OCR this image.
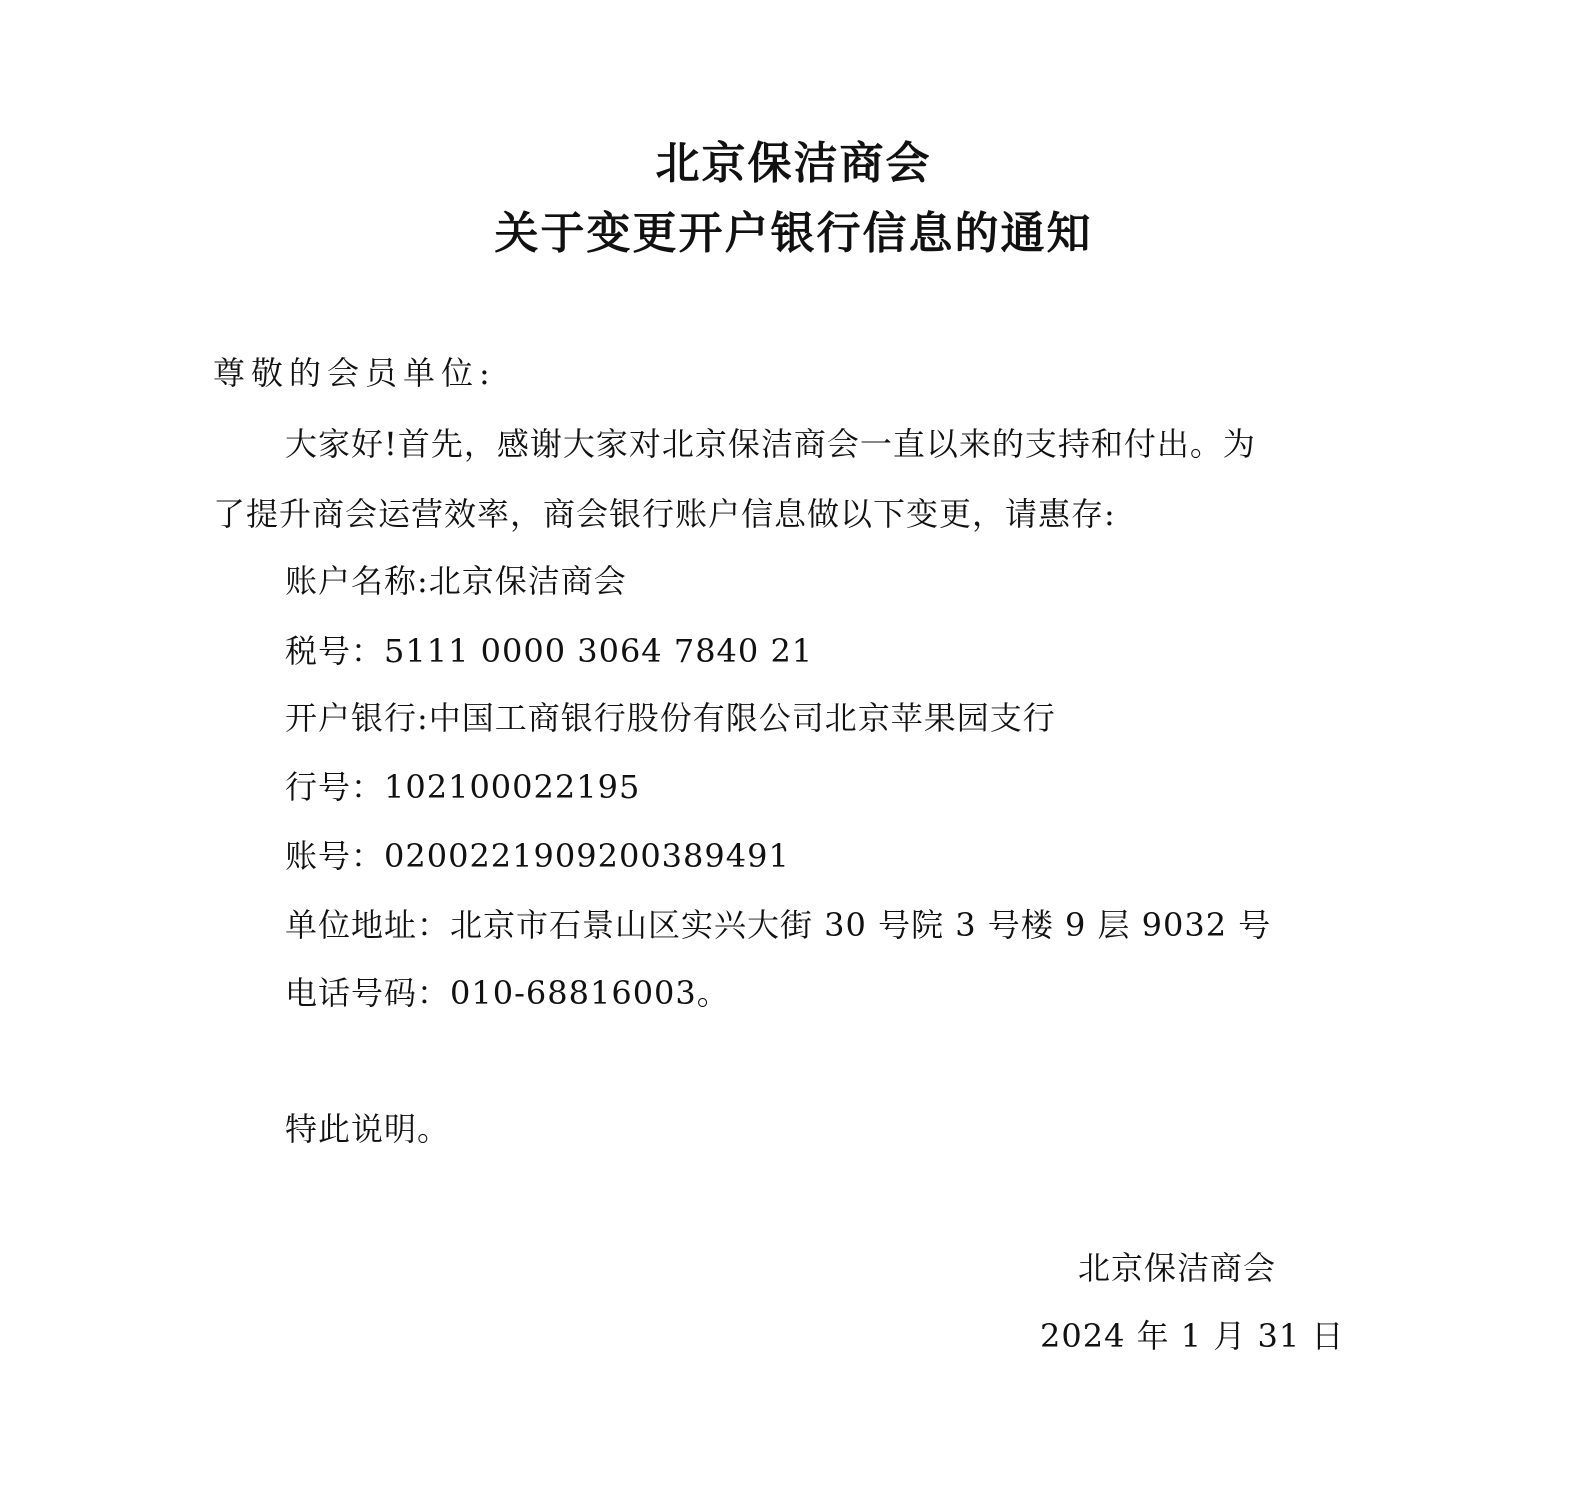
北京保洁商会
关于变更开户银行信息的通知
尊敬的会员单位:
大家好!首先，感谢大家对北京保洁商会一直以来的支持和付出。为
了提升商会运营效率，商会银行账户信息做以下变更，请惠存:
账户名称:北京保洁商会
税号：5111 0000 3064 7840 21
开户银行:中国工商银行股份有限公司北京苹果园支行
行号：102100022195
账号：0200221909200389491
单位地址：北京市石景山区实兴大街 30 号院 3 号楼 9 层 9032 号
电话号码：010-68816003。
特此说明。
北京保洁商会
2024 年 1 月 31 日
